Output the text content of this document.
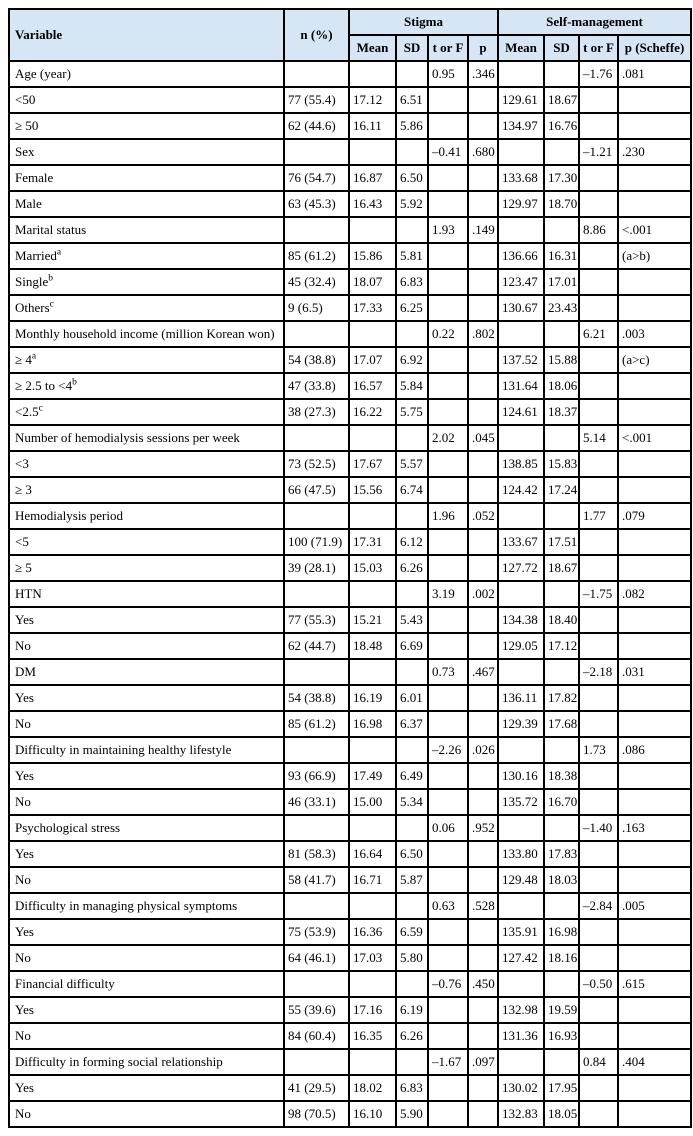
Variable	n (%)	Stigma				Self-management			
		Mean	SD	t or F	p	Mean	SD	t or F	p (Scheffe)
Age (year)				0.95	.346			–1.76	.081
<50	77 (55.4)	17.12	6.51			129.61	18.67		
≥ 50	62 (44.6)	16.11	5.86			134.97	16.76		
Sex				–0.41	.680			–1.21	.230
Female	76 (54.7)	16.87	6.50			133.68	17.30		
Male	63 (45.3)	16.43	5.92			129.97	18.70		
Marital status				1.93	.149			8.86	<.001
Married$^a$	85 (61.2)	15.86	5.81			136.66	16.31		(a>b)
Single$^b$	45 (32.4)	18.07	6.83			123.47	17.01		
Others$^c$	9 (6.5)	17.33	6.25			130.67	23.43		
Monthly household income (million Korean won)				0.22	.802			6.21	.003
≥ $4^a$	54 (38.8)	17.07	6.92			137.52	15.88		(a>c)
≥ 2.5 to $<4^b$	47 (33.8)	16.57	5.84			131.64	18.06		
<2.5$^c$	38 (27.3)	16.22	5.75			124.61	18.37		
Number of hemodialysis sessions per week				2.02	.045			5.14	<.001
<3	73 (52.5)	17.67	5.57			138.85	15.83		
≥ 3	66 (47.5)	15.56	6.74			124.42	17.24		
Hemodialysis period				1.96	.052			1.77	.079
<5	100 (71.9)	17.31	6.12			133.67	17.51		
≥ 5	39 (28.1)	15.03	6.26			127.72	18.67		
HTN				3.19	.002			–1.75	.082
Yes	77 (55.3)	15.21	5.43			134.38	18.40		
No	62 (44.7)	18.48	6.69			129.05	17.12		
DM				0.73	.467			–2.18	.031
Yes	54 (38.8)	16.19	6.01			136.11	17.82		
No	85 (61.2)	16.98	6.37			129.39	17.68		
Difficulty in maintaining healthy lifestyle				–2.26	.026			1.73	.086
Yes	93 (66.9)	17.49	6.49			130.16	18.38		
No	46 (33.1)	15.00	5.34			135.72	16.70		
Psychological stress				0.06	.952			–1.40	.163
Yes	81 (58.3)	16.64	6.50			133.80	17.83		
No	58 (41.7)	16.71	5.87			129.48	18.03		
Difficulty in managing physical symptoms				0.63	.528			–2.84	.005
Yes	75 (53.9)	16.36	6.59			135.91	16.98		
No	64 (46.1)	17.03	5.80			127.42	18.16		
Financial difficulty				–0.76	.450			–0.50	.615
Yes	55 (39.6)	17.16	6.19			132.98	19.59		
No	84 (60.4)	16.35	6.26			131.36	16.93		
Difficulty in forming social relationship				–1.67	.097			0.84	.404
Yes	41 (29.5)	18.02	6.83			130.02	17.95		
No	98 (70.5)	16.10	5.90			132.83	18.05		
